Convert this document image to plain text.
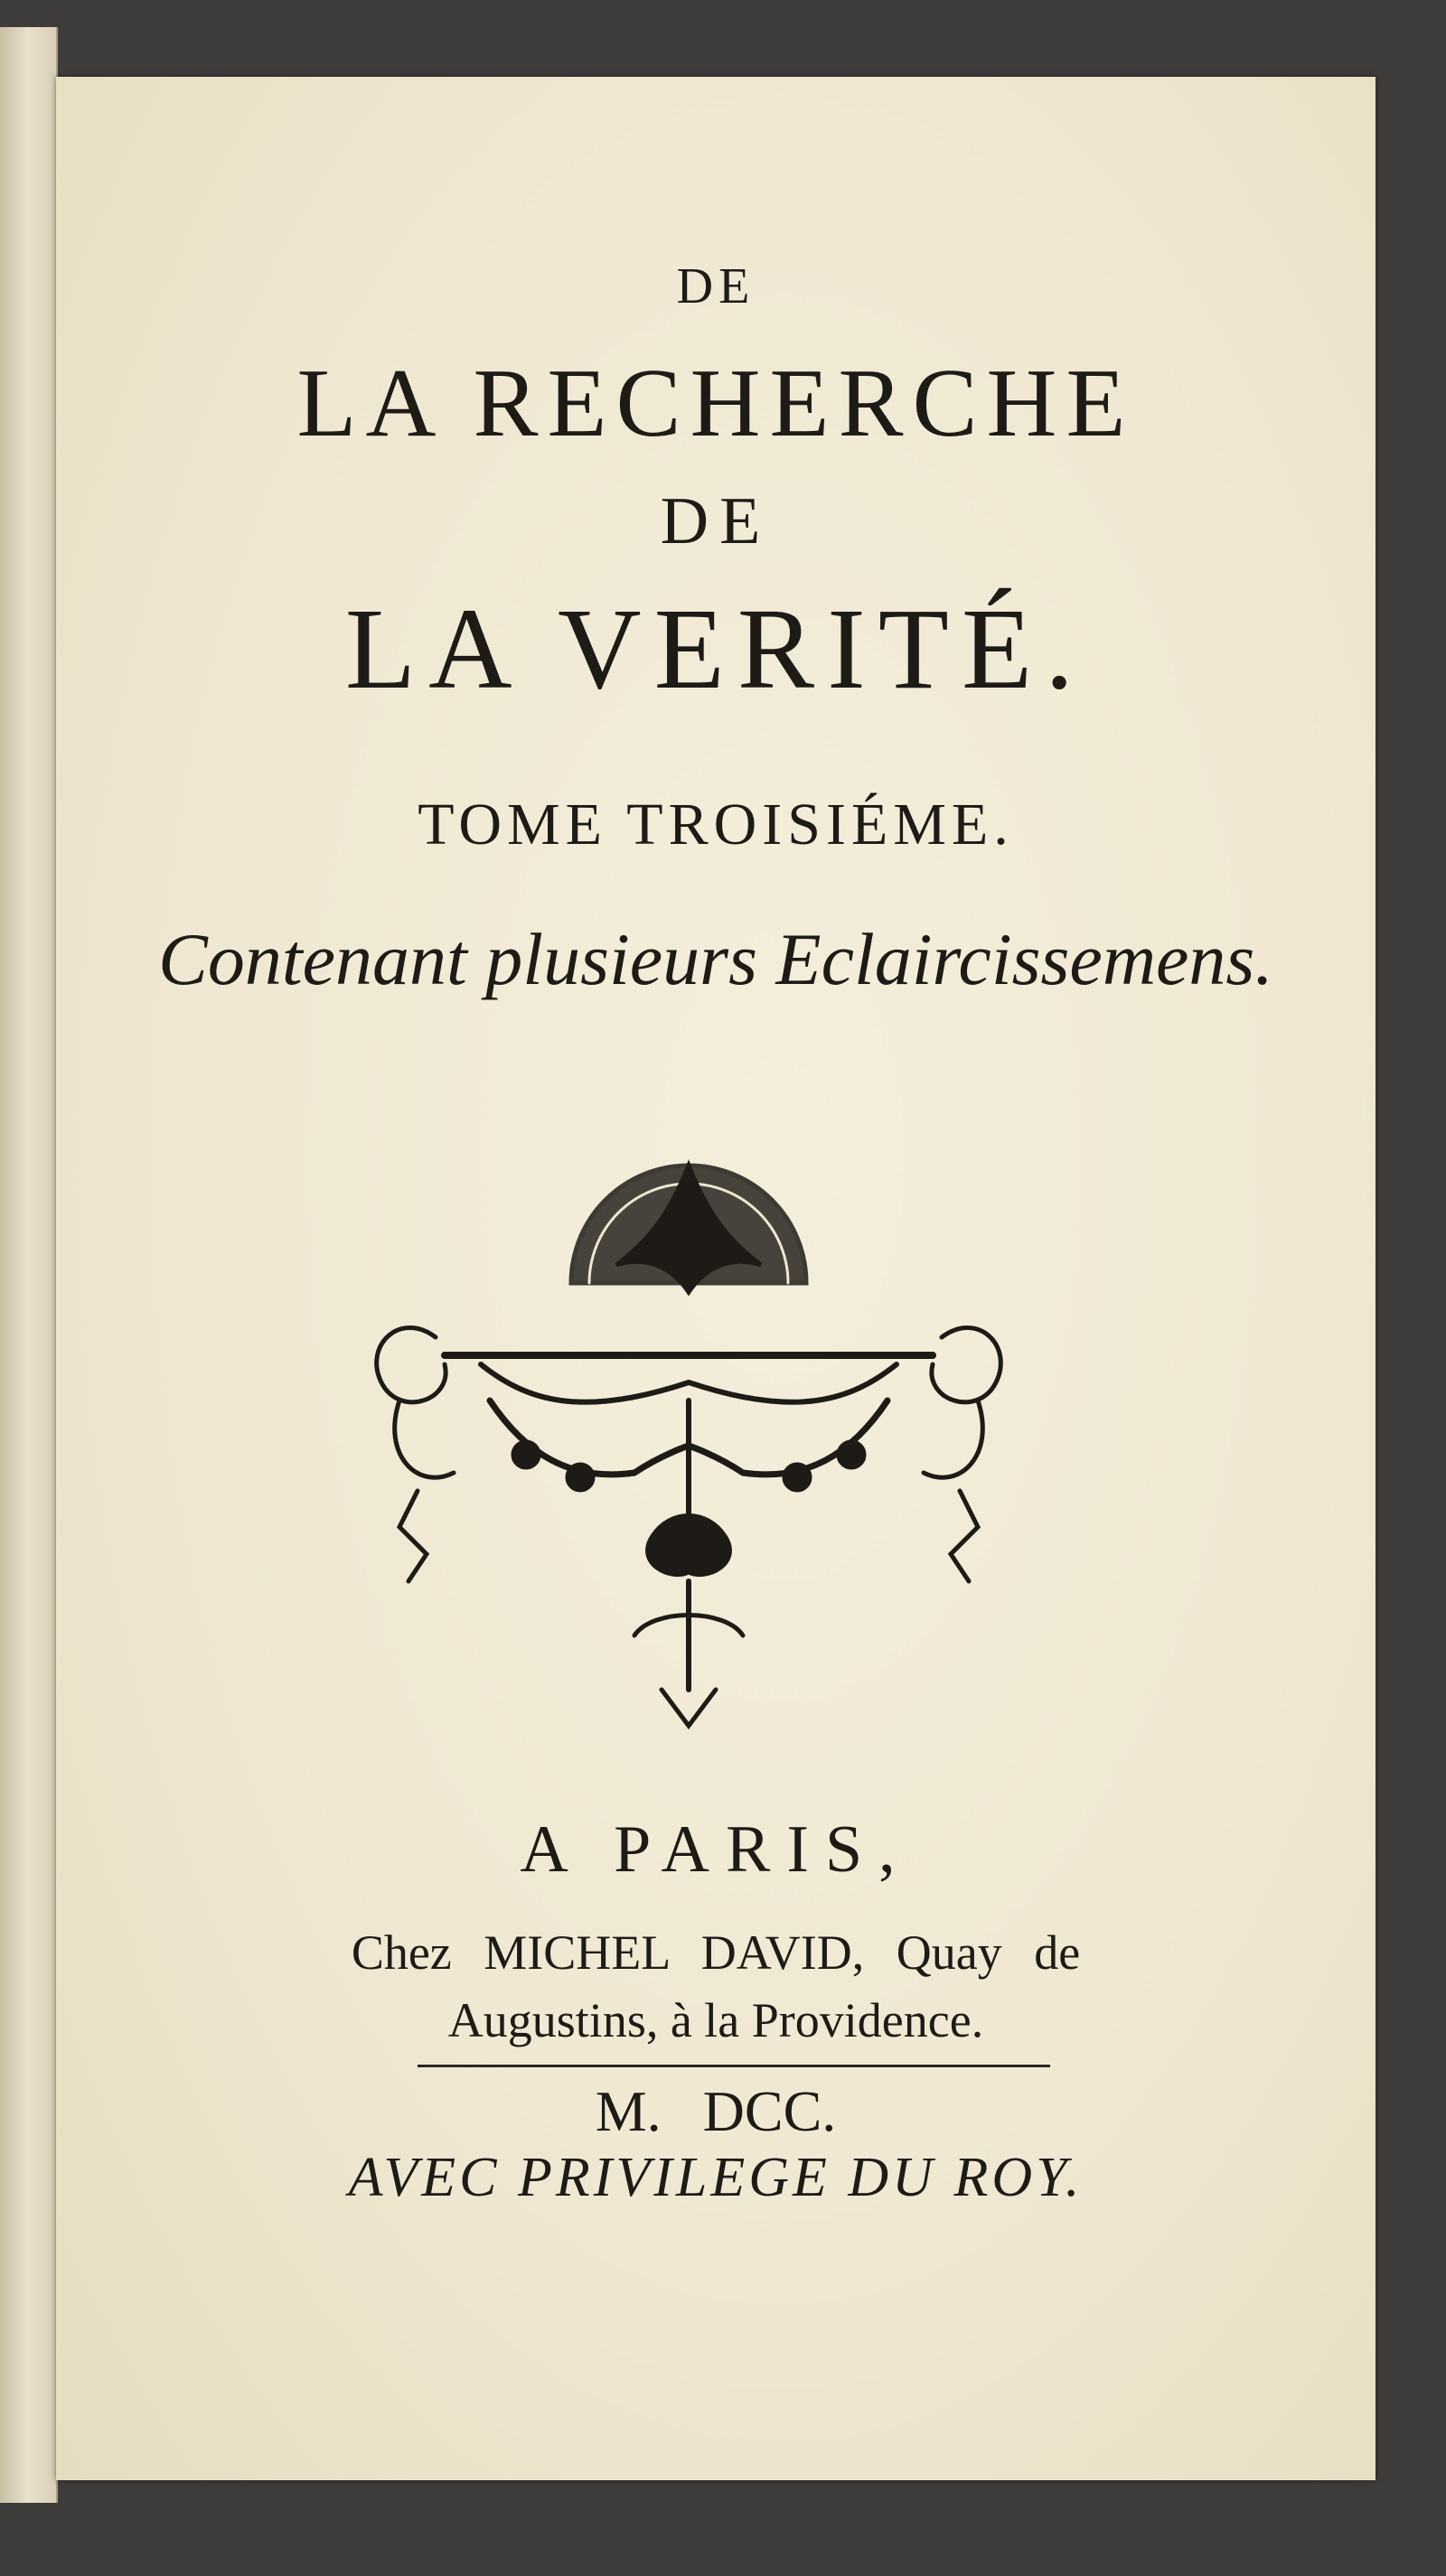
DE
LA RECHERCHE
DE
LA VERITÉ.
TOME TROISIÉME.
Contenant plusieurs Eclaircissemens.
A PARIS,
Chez MICHEL DAVID, Quay de
Augustins, à la Providence.
M. DCC.
AVEC PRIVILEGE DU ROY.
